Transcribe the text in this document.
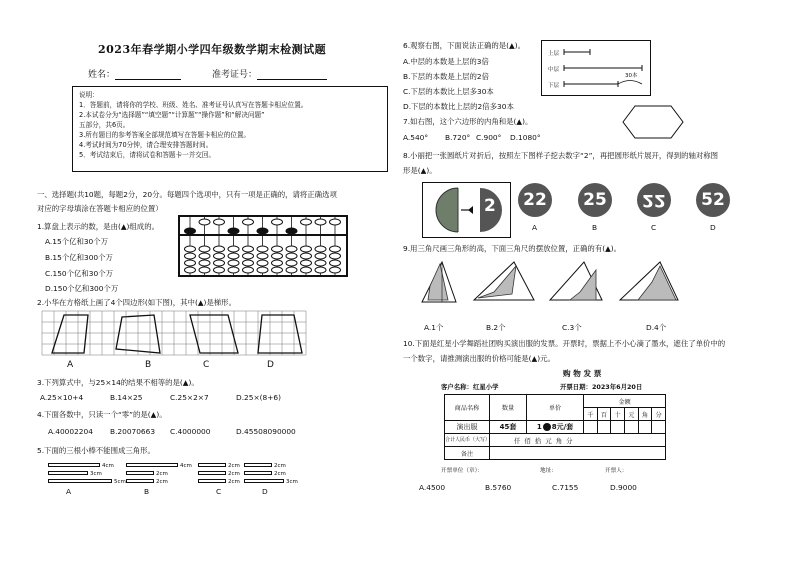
2023年春学期小学四年级数学期末检测试题
姓名：	准考证号：
说明：
1．答题前，请将你的学校、班级、姓名、准考证号认真写在答题卡相应位置。
2.本试卷分为“选择题”“填空题”“计算题”“操作题”和“解决问题”
五部分，共6页。
3.所有题目的参考答案全部规范填写在答题卡相应的位置。
4.考试时间为70分钟，请合理安排答题时间。
5．考试结束后，请将试卷和答题卡一并交回。
一、选择题(共10题，每题2分，20分。每题四个选项中，只有一项是正确的，请将正确选项
对应的字母填涂在答题卡相应的位置）
1.算盘上表示的数，是由(▲)组成的。
A.15个亿和30个万
B.15个亿和300个万
C.150个亿和30个万
D.150个亿和300个万
2.小华在方格纸上画了4个四边形(如下图)，其中(▲)是梯形。
A	B	C	D
3.下列算式中，与25×14的结果不相等的是(▲)。
A.25×10+4	B.14×25	C.25×2×7	D.25×(8+6)
4.下面各数中，只读一个“零”的是(▲)。
A.40002204 B.20070663 C.4000000	D.45508090000
5.下面的三根小棒不能围成三角形。
4cm
3cm
5cm
A
4cm
2cm
2cm
B
2cm
2cm
2cm
C
2cm
2cm
3cm
D
6.观察右图，下面说法正确的是(▲)。
A.中层的本数是上层的3倍
B.下层的本数是上层的2倍
C.下层的本数比上层多30本
D.下层的本数比上层的2倍多30本
上层
中层
下层
30本
7.如右图，这个六边形的内角和是(▲)。
A.540° B.720° C.900° D.1080°
8.小丽把一张圆纸片对折后，按照左下图样子挖去数字“2”，再把圆形纸片展开，得到的轴对称图
形是(▲)。
2	22	25	22	52
A	B	C	D
9.用三角尺画三角形的高，下面三角尺的摆放位置，正确的有(▲)。
A.1个	B.2个	C.3个	D.4个
10.下面是红星小学舞蹈社团购买演出服的发票。开票时，票据上不小心滴了墨水，遮住了单价中的
一个数字，请推测演出服的价格可能是(▲)元。
购 物 发 票
客户名称：红星小学	开票日期：2023年6月20日
商品名称	数量	单价	金额					
			千	百	十	元	角	分
演出服	45套	1 8元/套						
合计人民币（大写）	仟 佰 拾 元 角 分							
备注								
开票单位（章）：	地址：	开票人：
A.4500	B.5760	C.7155	D.9000
